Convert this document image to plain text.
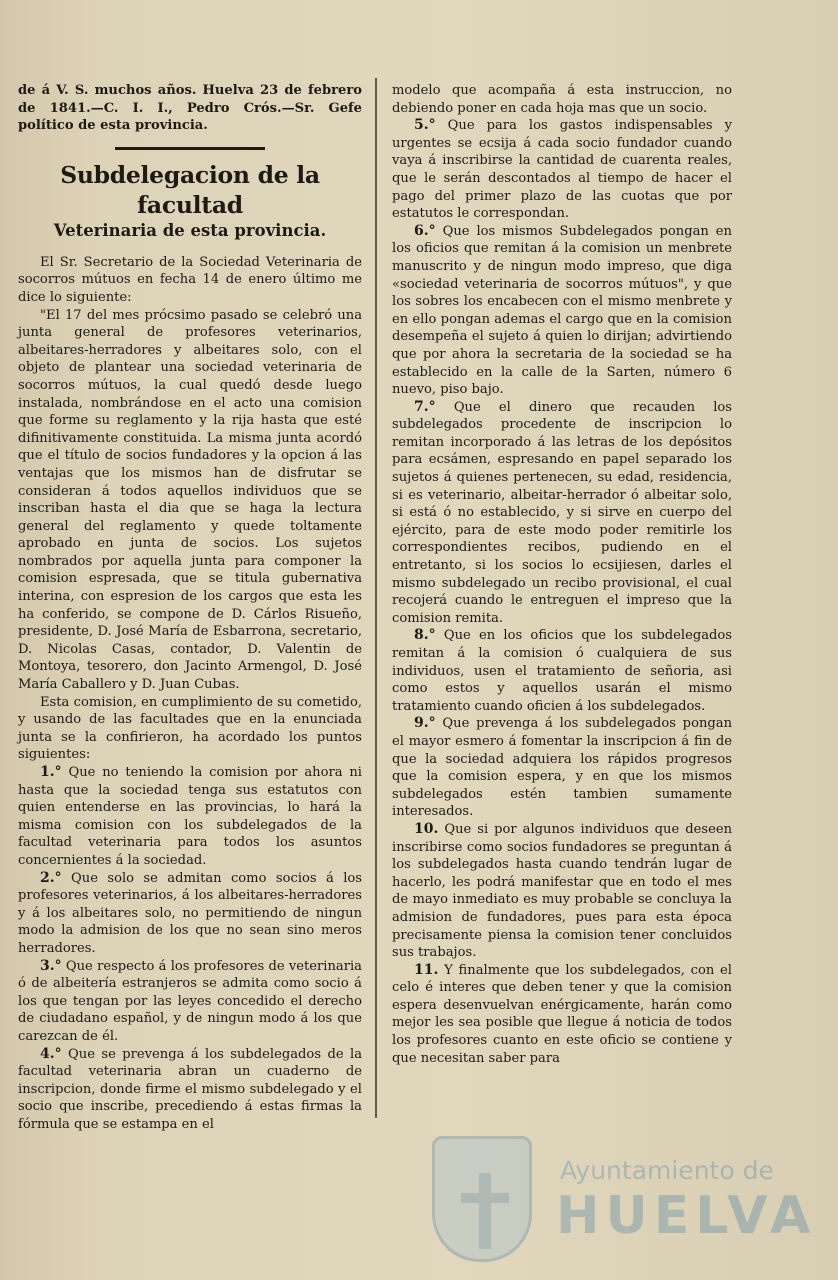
de á V. S. muchos años. Huelva 23 de febrero de 1841.—C. I. I., Pedro Crós.—Sr. Gefe político de esta provincia.

Subdelegacion de la facultad
Veterinaria de esta provincia.

El Sr. Secretario de la Sociedad Veterinaria de socorros mútuos en fecha 14 de enero último me dice lo siguiente:

"El 17 del mes prócsimo pasado se celebró una junta general de profesores veterinarios, albeitares-herradores y albeitares solo, con el objeto de plantear una sociedad veterinaria de socorros mútuos, la cual quedó desde luego instalada, nombrándose en el acto una comision que forme su reglamento y la rija hasta que esté difinitivamente constituida. La misma junta acordó que el título de socios fundadores y la opcion á las ventajas que los mismos han de disfrutar se consideran á todos aquellos individuos que se inscriban hasta el dia que se haga la lectura general del reglamento y quede toltamente aprobado en junta de socios. Los sujetos nombrados por aquella junta para componer la comision espresada, que se titula gubernativa interina, con espresion de los cargos que esta les ha conferido, se compone de D. Cárlos Risueño, presidente, D. José María de Esbarrona, secretario, D. Nicolas Casas, contador, D. Valentin de Montoya, tesorero, don Jacinto Armengol, D. José María Caballero y D. Juan Cubas.

Esta comision, en cumplimiento de su cometido, y usando de las facultades que en la enunciada junta se la confirieron, ha acordado los puntos siguientes:

1.° Que no teniendo la comision por ahora ni hasta que la sociedad tenga sus estatutos con quien entenderse en las provincias, lo hará la misma comision con los subdelegados de la facultad veterinaria para todos los asuntos concernientes á la sociedad.

2.° Que solo se admitan como socios á los profesores veterinarios, á los albeitares-herradores y á los albeitares solo, no permitiendo de ningun modo la admision de los que no sean sino meros herradores.

3.° Que respecto á los profesores de veterinaria ó de albeitería estranjeros se admita como socio á los que tengan por las leyes concedido el derecho de ciudadano español, y de ningun modo á los que carezcan de él.

4.° Que se prevenga á los subdelegados de la facultad veterinaria abran un cuaderno de inscripcion, donde firme el mismo subdelegado y el socio que inscribe, precediendo á estas firmas la fórmula que se estampa en el

modelo que acompaña á esta instruccion, no debiendo poner en cada hoja mas que un socio.

5.° Que para los gastos indispensables y urgentes se ecsija á cada socio fundador cuando vaya á inscribirse la cantidad de cuarenta reales, que le serán descontados al tiempo de hacer el pago del primer plazo de las cuotas que por estatutos le correspondan.

6.° Que los mismos Subdelegados pongan en los oficios que remitan á la comision un menbrete manuscrito y de ningun modo impreso, que diga «sociedad veterinaria de socorros mútuos", y que los sobres los encabecen con el mismo menbrete y en ello pongan ademas el cargo que en la comision desempeña el sujeto á quien lo dirijan; advirtiendo que por ahora la secretaria de la sociedad se ha establecido en la calle de la Sarten, número 6 nuevo, piso bajo.

7.° Que el dinero que recauden los subdelegados procedente de inscripcion lo remitan incorporado á las letras de los depósitos para ecsámen, espresando en papel separado los sujetos á quienes pertenecen, su edad, residencia, si es veterinario, albeitar-herrador ó albeitar solo, si está ó no establecido, y si sirve en cuerpo del ejército, para de este modo poder remitirle los correspondientes recibos, pudiendo en el entretanto, si los socios lo ecsijiesen, darles el mismo subdelegado un recibo provisional, el cual recojerá cuando le entreguen el impreso que la comision remita.

8.° Que en los oficios que los subdelegados remitan á la comision ó cualquiera de sus individuos, usen el tratamiento de señoria, asi como estos y aquellos usarán el mismo tratamiento cuando oficien á los subdelegados.

9.° Que prevenga á los subdelegados pongan el mayor esmero á fomentar la inscripcion á fin de que la sociedad adquiera los rápidos progresos que la comision espera, y en que los mismos subdelegados estén tambien sumamente interesados.

10. Que si por algunos individuos que deseen inscribirse como socios fundadores se preguntan á los subdelegados hasta cuando tendrán lugar de hacerlo, les podrá manifestar que en todo el mes de mayo inmediato es muy probable se concluya la admision de fundadores, pues para esta época precisamente piensa la comision tener concluidos sus trabajos.

11. Y finalmente que los subdelegados, con el celo é interes que deben tener y que la comision espera desenvuelvan enérgicamente, harán como mejor les sea posible que llegue á noticia de todos los profesores cuanto en este oficio se contiene y que necesitan saber para

Ayuntamiento de
HUELVA
